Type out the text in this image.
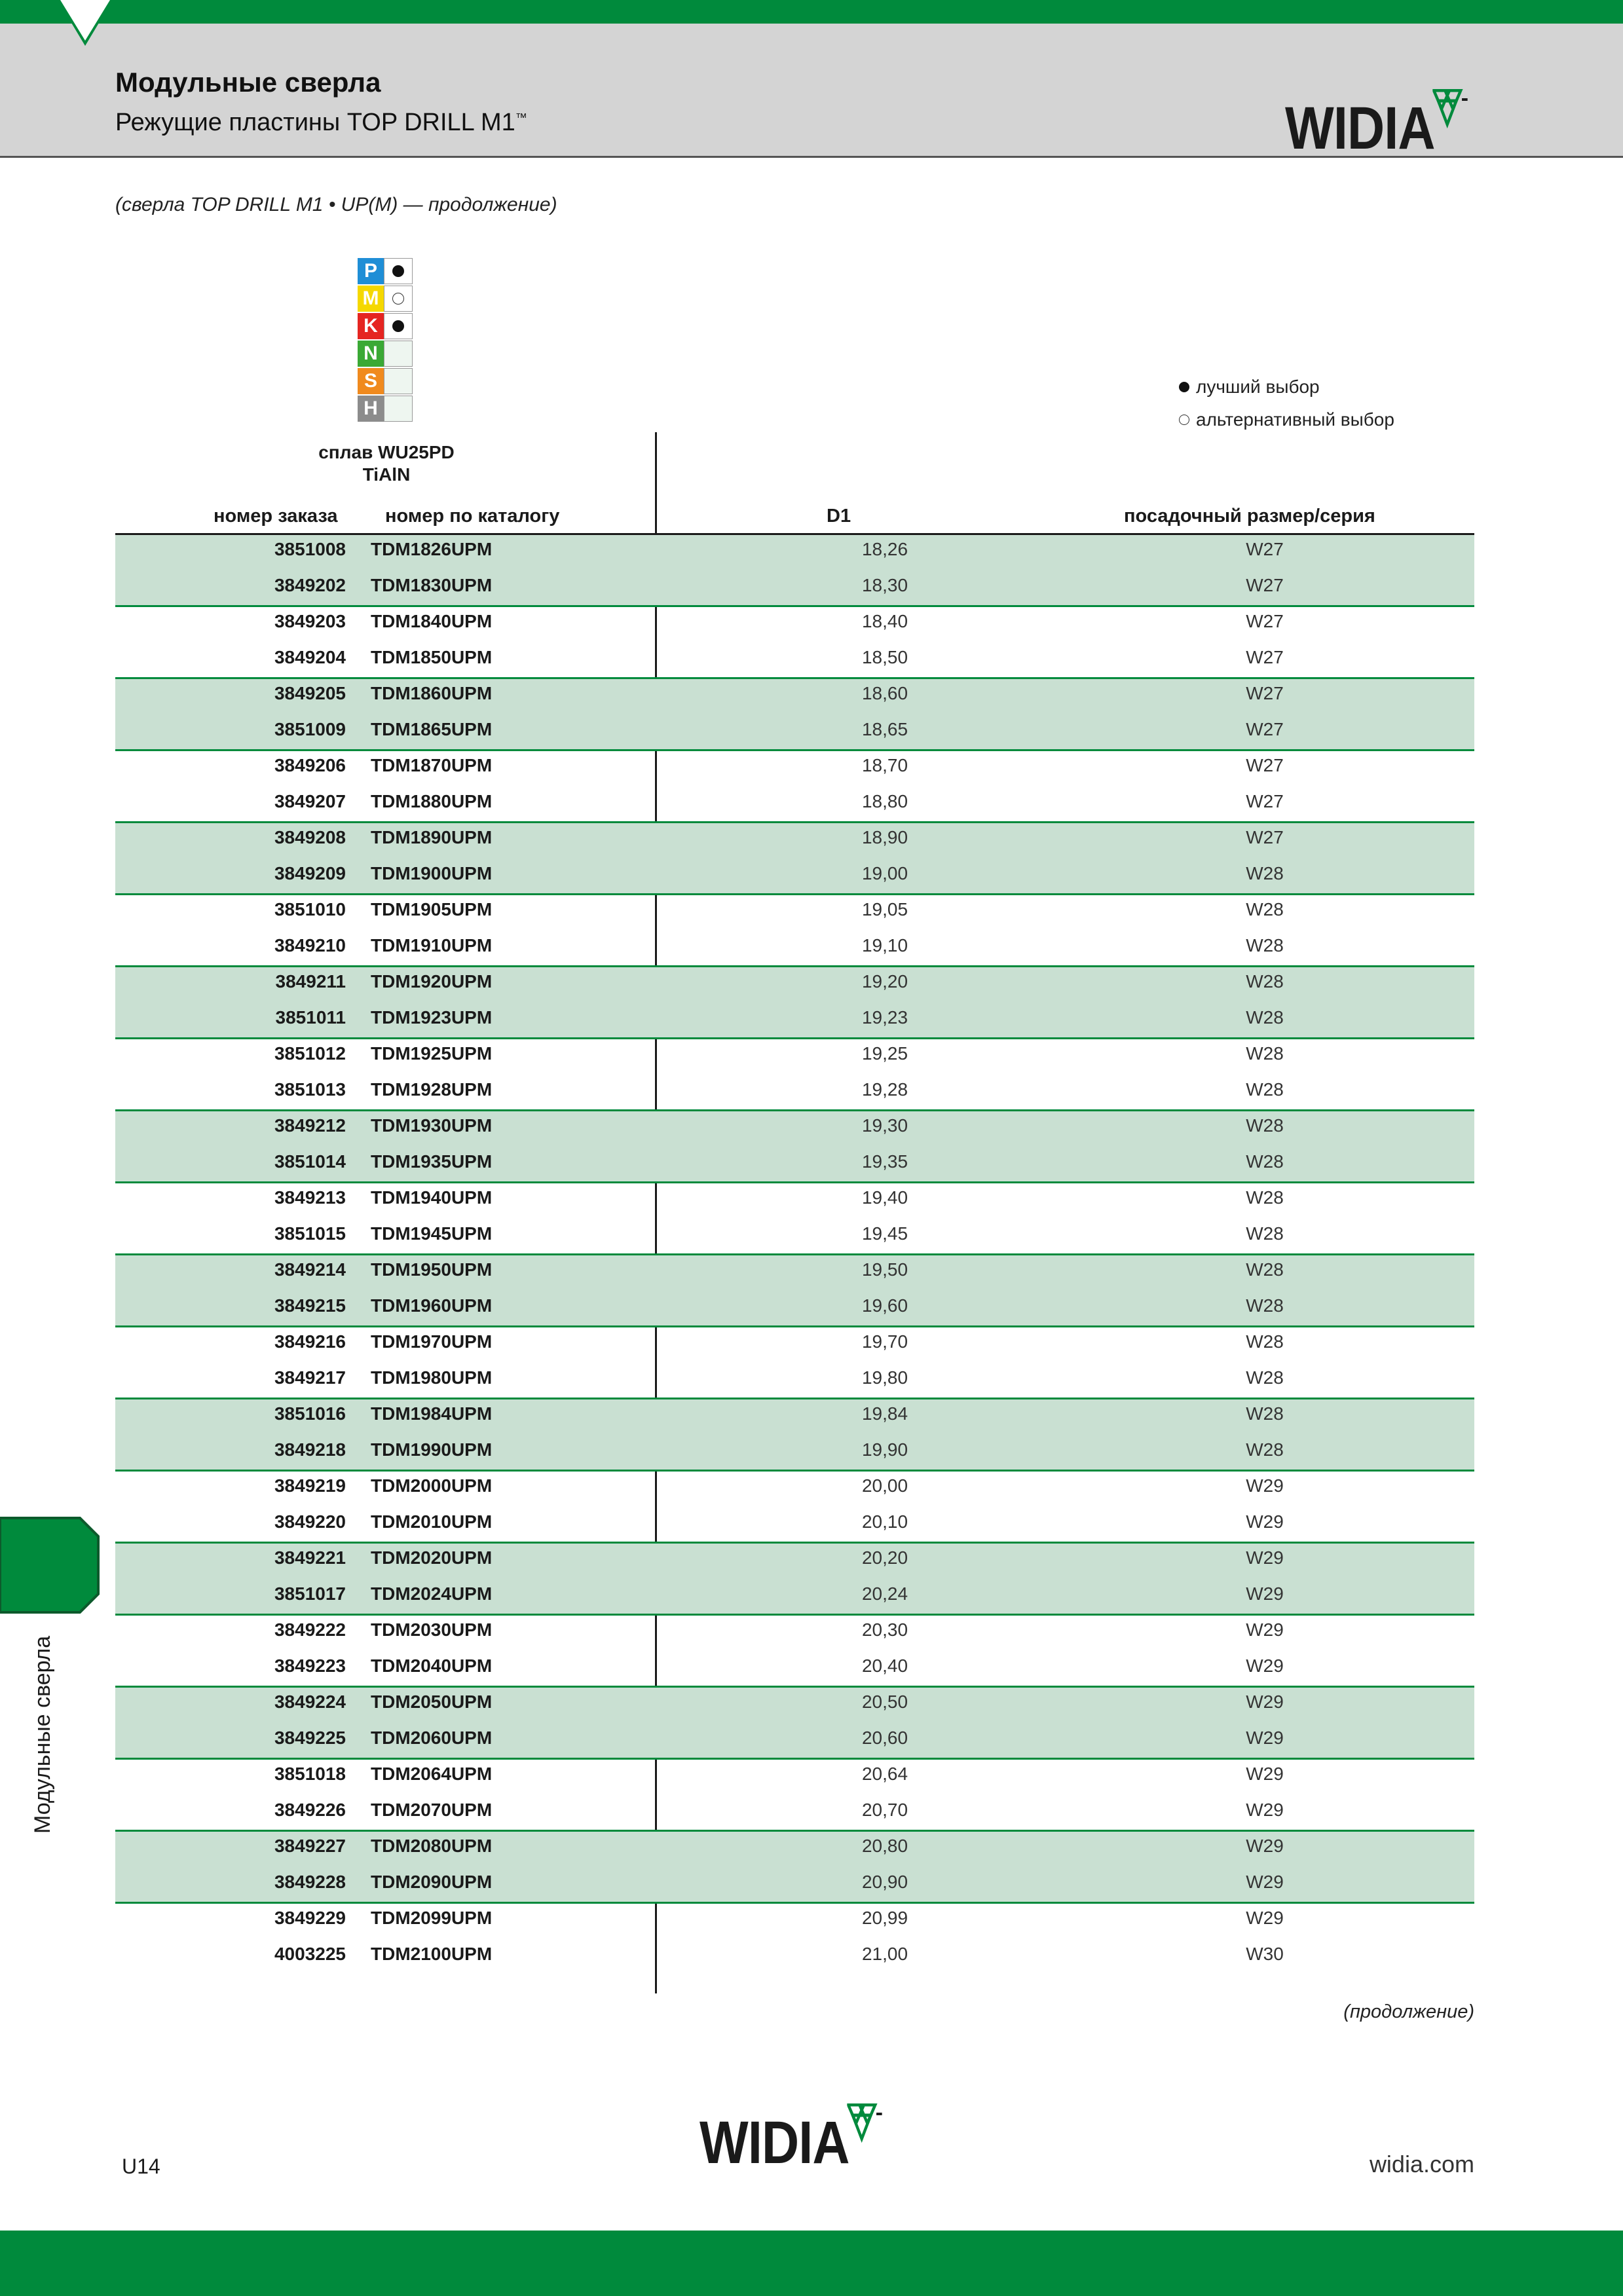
Модульные сверла
Режущие пластины TOP DRILL M1™	WIDIA
(сверла TOP DRILL M1 • UP(M) — продолжение)
P
M
K
N
S
H
лучший выбор
альтернативный выбор
сплав WU25PD
TiAlN
номер заказа номер по каталогу	D1	посадочный размер/серия
3851008 TDM1826UPM	18,26	W27
3849202 TDM1830UPM	18,30	W27
3849203 TDM1840UPM	18,40	W27
3849204 TDM1850UPM	18,50	W27
3849205 TDM1860UPM	18,60	W27
3851009 TDM1865UPM	18,65	W27
3849206 TDM1870UPM	18,70	W27
3849207 TDM1880UPM	18,80	W27
3849208 TDM1890UPM	18,90	W27
3849209 TDM1900UPM	19,00	W28
3851010 TDM1905UPM	19,05	W28
3849210 TDM1910UPM	19,10	W28
3849211 TDM1920UPM	19,20	W28
3851011 TDM1923UPM	19,23	W28
3851012 TDM1925UPM	19,25	W28
3851013 TDM1928UPM	19,28	W28
3849212 TDM1930UPM	19,30	W28
3851014 TDM1935UPM	19,35	W28
3849213 TDM1940UPM	19,40	W28
3851015 TDM1945UPM	19,45	W28
3849214 TDM1950UPM	19,50	W28
3849215 TDM1960UPM	19,60	W28
3849216 TDM1970UPM	19,70	W28
3849217 TDM1980UPM	19,80	W28
3851016 TDM1984UPM	19,84	W28
3849218 TDM1990UPM	19,90	W28
3849219 TDM2000UPM	20,00	W29
3849220 TDM2010UPM	20,10	W29
3849221 TDM2020UPM	20,20	W29
3851017 TDM2024UPM	20,24	W29
3849222 TDM2030UPM	20,30	W29
3849223 TDM2040UPM	20,40	W29
3849224 TDM2050UPM	20,50	W29
3849225 TDM2060UPM	20,60	W29
3851018 TDM2064UPM	20,64	W29
3849226 TDM2070UPM	20,70	W29
3849227 TDM2080UPM	20,80	W29
3849228 TDM2090UPM	20,90	W29
3849229 TDM2099UPM	20,99	W29
4003225 TDM2100UPM	21,00	W30
(продолжение)
Модульные сверла
U14	WIDIA	widia.com
